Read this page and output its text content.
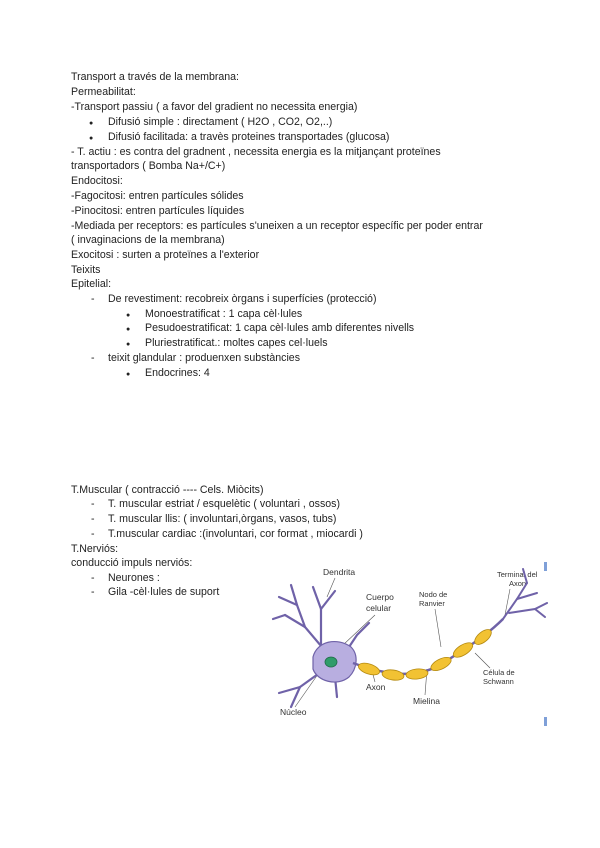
Transport a través de la membrana:
Permeabilitat:
-Transport passiu ( a favor del gradient no necessita energia)
● Difusió simple : directament ( H2O , CO2, O2,..)
● Difusió facilitada: a travès proteines transportades (glucosa)
- T. actiu : es contra del gradnent , necessita energia es la mitjançant proteïnes
transportadors ( Bomba Na+/C+)
Endocitosi:
-Fagocitosi: entren partícules sólides
-Pinocitosi: entren partícules líquides
-Mediada per receptors: es partícules s'uneixen a un receptor específic per poder entrar
( invaginacions de la membrana)
Exocitosi : surten a proteïnes a l'exterior
Teixits
Epitelial:
- De revestiment: recobreix òrgans i superfícies (protecció)
● Monoestratificat : 1 capa cèl·lules
● Pesudoestratificat: 1 capa cèl·lules amb diferentes nivells
● Pluriestratificat.: moltes capes cel·luels
- teixit glandular : produenxen substàncies
● Endocrines: 4
T.Muscular ( contracció ---- Cels. Miòcits)
- T. muscular estriat / esquelètic ( voluntari , ossos)
- T. muscular llis: ( involuntari,òrgans, vasos, tubs)
- T.muscular cardiac :(involuntari, cor format , miocardi )
T.Nerviós:
conducció impuls nerviós:
- Neurones :
- Gila -cèl·lules de suport
Dendrita
Cuerpo
celular
Nodo de
Ranvier
Terminal del
Axon
Axon
Célula de
Schwann
Núcleo
Mielina
